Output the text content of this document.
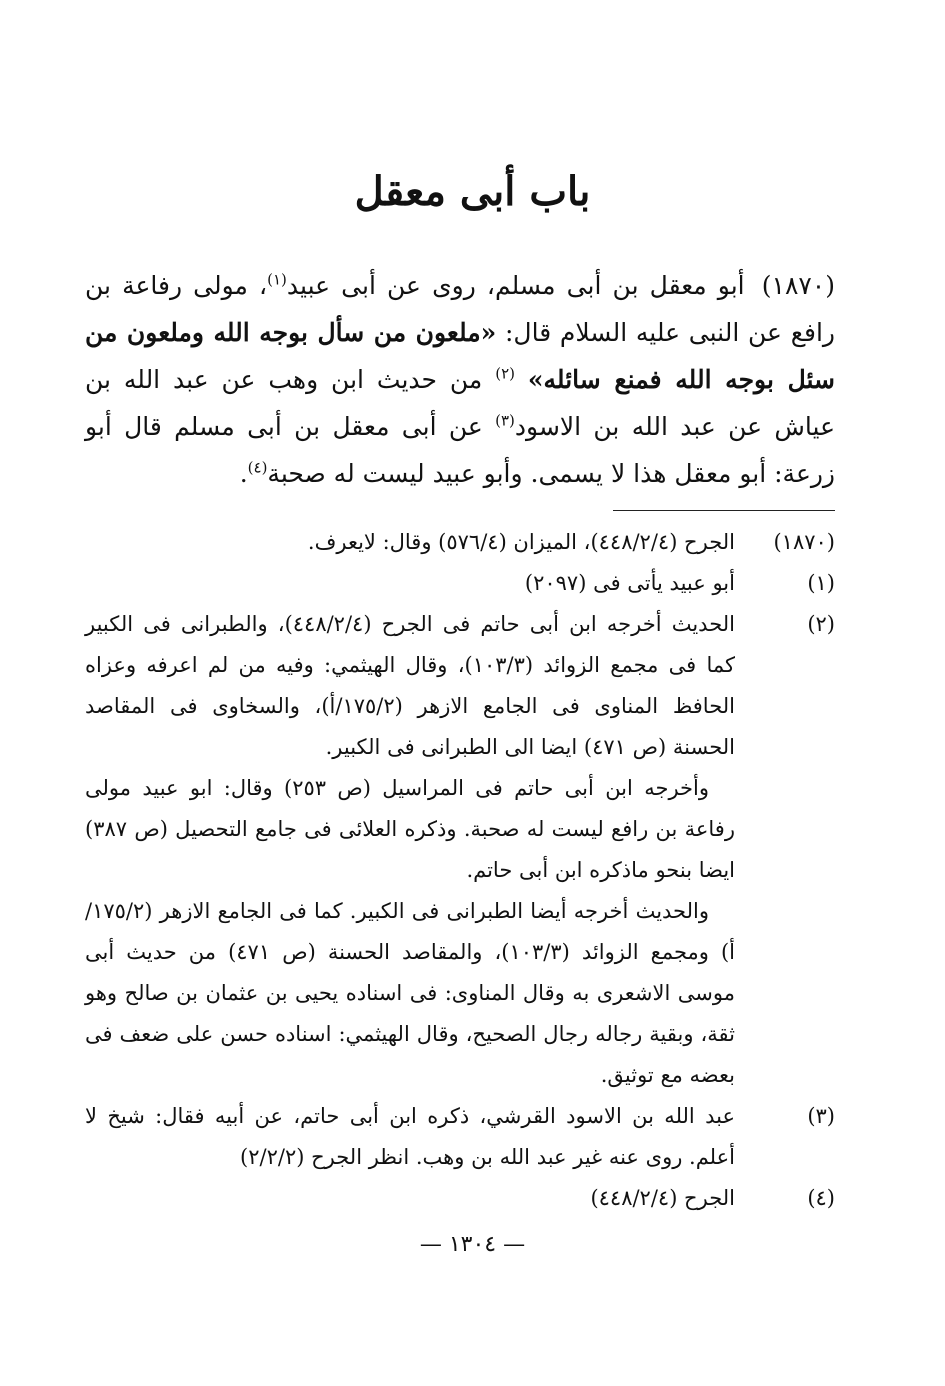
باب أبى معقل
(١٨٧٠) أبو معقل بن أبى مسلم، روى عن أبى عبيد$^{(١)}$، مولى رفاعة بن رافع عن النبى عليه السلام قال: «ملعون من سأل بوجه الله وملعون من سئل بوجه الله فمنع سائله» $^{(٢)}$ من حديث ابن وهب عن عبد الله بن عياش عن عبد الله بن الاسود$^{(٣)}$ عن أبى معقل بن أبى مسلم قال أبو زرعة: أبو معقل هذا لا يسمى. وأبو عبيد ليست له صحبة$^{(٤)}$.
(١٨٧٠)

الجرح (٤٤٨/٢/٤)، الميزان (٥٧٦/٤) وقال: لايعرف.

(١)

أبو عبيد يأتى فى (٢٠٩٧)

(٢)

الحديث أخرجه ابن أبى حاتم فى الجرح (٤٤٨/٢/٤)، والطبرانى فى الكبير كما فى مجمع الزوائد (١٠٣/٣)، وقال الهيثمي: وفيه من لم اعرفه وعزاه الحافظ المناوى فى الجامع الازهر (١٧٥/٢/أ)، والسخاوى فى المقاصد الحسنة (ص ٤٧١) ايضا الى الطبرانى فى الكبير.

وأخرجه ابن أبى حاتم فى المراسيل (ص ٢٥٣) وقال: ابو عبيد مولى رفاعة بن رافع ليست له صحبة. وذكره العلائى فى جامع التحصيل (ص ٣٨٧) ايضا بنحو ماذكره ابن أبى حاتم.

والحديث أخرجه أيضا الطبرانى فى الكبير. كما فى الجامع الازهر (١٧٥/٢/أ) ومجمع الزوائد (١٠٣/٣)، والمقاصد الحسنة (ص ٤٧١) من حديث أبى موسى الاشعرى به وقال المناوى: فى اسناده يحيى بن عثمان بن صالح وهو ثقة، وبقية رجاله رجال الصحيح، وقال الهيثمي: اسناده حسن على ضعف فى بعضه مع توثيق.

(٣)

عبد الله بن الاسود القرشي، ذكره ابن أبى حاتم، عن أبيه فقال: شيخ لا أعلم. روى عنه غير عبد الله بن وهب. انظر الجرح (٢/٢/٢)

(٤)

الجرح (٤٤٨/٢/٤)

— ١٣٠٤ —
